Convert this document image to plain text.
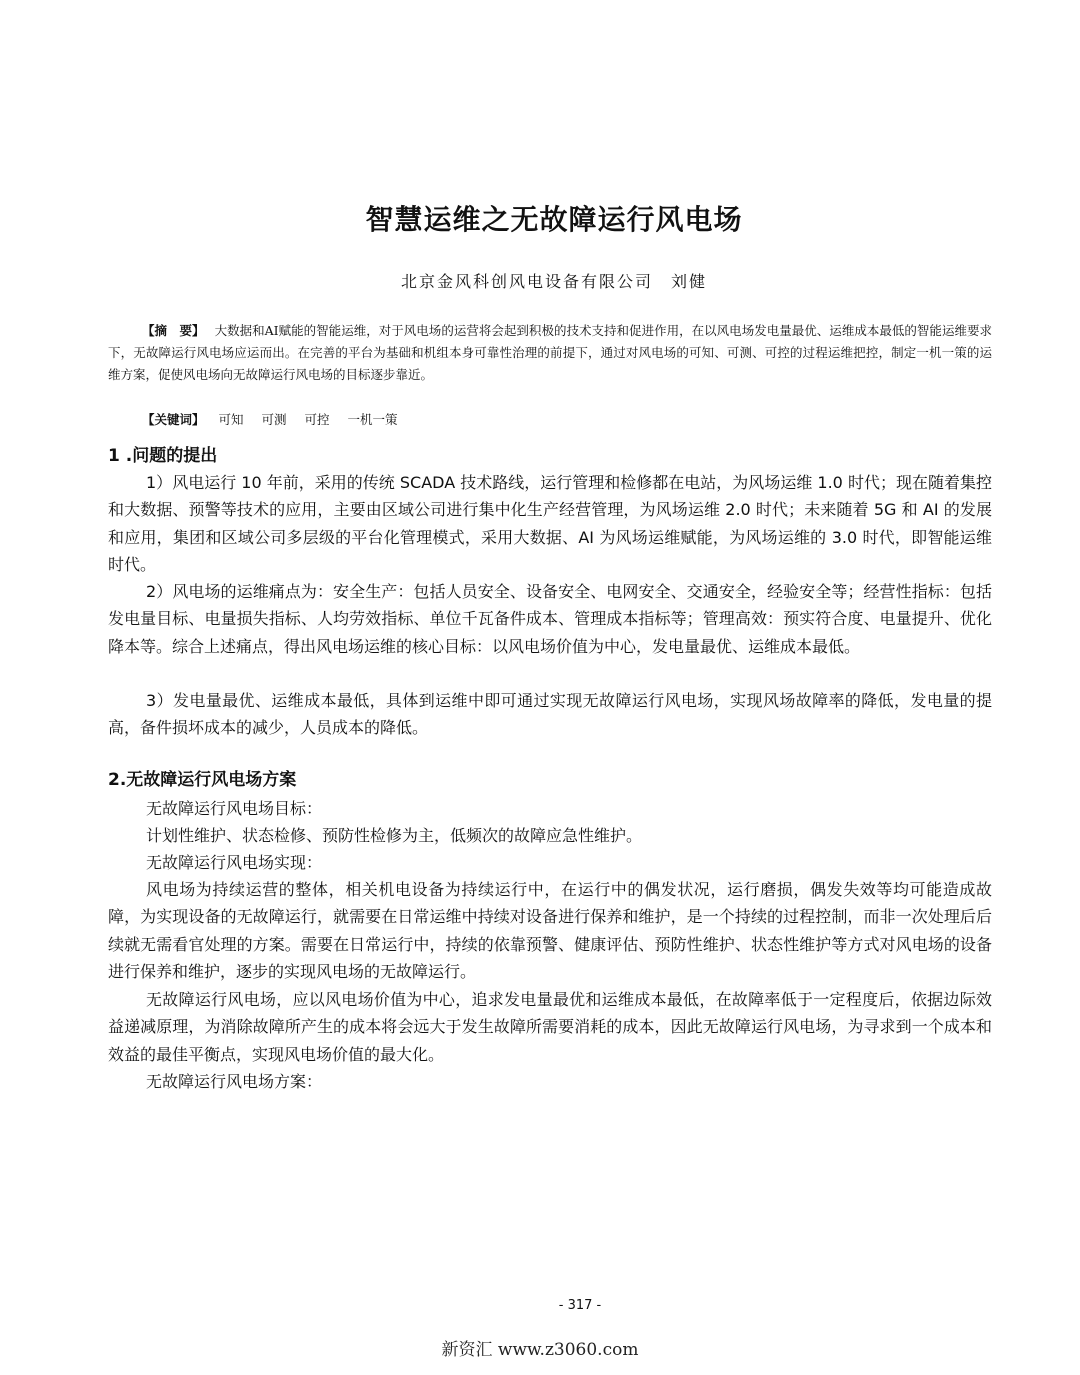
智慧运维之无故障运行风电场
北京金风科创风电设备有限公司　刘健

【摘　要】 大数据和AI赋能的智能运维，对于风电场的运营将会起到积极的技术支持和促进作用，在以风电场发电量最优、运维成本最低的智能运维要求下，无故障运行风电场应运而出。在完善的平台为基础和机组本身可靠性治理的前提下，通过对风电场的可知、可测、可控的过程运维把控，制定一机一策的运维方案，促使风电场向无故障运行风电场的目标逐步靠近。

【关键词】 可知 可测 可控 一机一策

1 .问题的提出

1）风电运行 10 年前，采用的传统 SCADA 技术路线，运行管理和检修都在电站，为风场运维 1.0 时代；现在随着集控和大数据、预警等技术的应用，主要由区域公司进行集中化生产经营管理，为风场运维 2.0 时代；未来随着 5G 和 AI 的发展和应用，集团和区域公司多层级的平台化管理模式，采用大数据、AI 为风场运维赋能，为风场运维的 3.0 时代，即智能运维时代。

2）风电场的运维痛点为：安全生产：包括人员安全、设备安全、电网安全、交通安全，经验安全等；经营性指标：包括发电量目标、电量损失指标、人均劳效指标、单位千瓦备件成本、管理成本指标等；管理高效：预实符合度、电量提升、优化降本等。综合上述痛点，得出风电场运维的核心目标：以风电场价值为中心，发电量最优、运维成本最低。

3）发电量最优、运维成本最低，具体到运维中即可通过实现无故障运行风电场，实现风场故障率的降低，发电量的提高，备件损坏成本的减少，人员成本的降低。

2.无故障运行风电场方案

无故障运行风电场目标：

计划性维护、状态检修、预防性检修为主，低频次的故障应急性维护。

无故障运行风电场实现：

风电场为持续运营的整体，相关机电设备为持续运行中，在运行中的偶发状况，运行磨损，偶发失效等均可能造成故障，为实现设备的无故障运行，就需要在日常运维中持续对设备进行保养和维护，是一个持续的过程控制，而非一次处理后后续就无需看官处理的方案。需要在日常运行中，持续的依靠预警、健康评估、预防性维护、状态性维护等方式对风电场的设备进行保养和维护，逐步的实现风电场的无故障运行。

无故障运行风电场，应以风电场价值为中心，追求发电量最优和运维成本最低，在故障率低于一定程度后，依据边际效益递减原理，为消除故障所产生的成本将会远大于发生故障所需要消耗的成本，因此无故障运行风电场，为寻求到一个成本和效益的最佳平衡点，实现风电场价值的最大化。

无故障运行风电场方案：

- 317 -
新资汇 www.z3060.com
